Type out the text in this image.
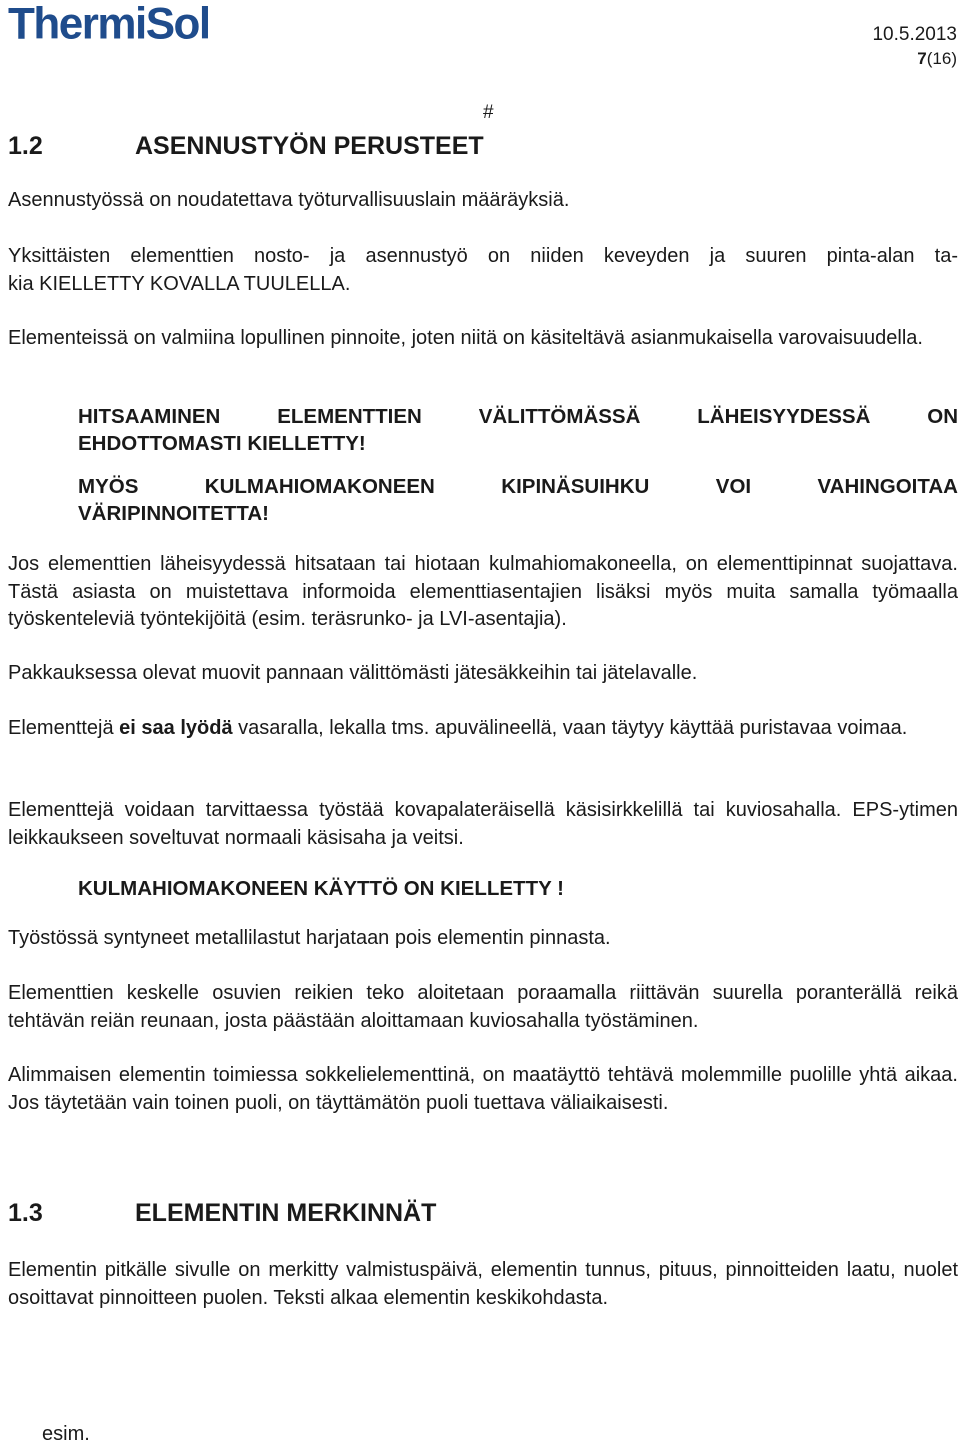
ThermiSol	10.5.2013
7(16)
#
1.2	ASENNUSTYÖN PERUSTEET
Asennustyössä on noudatettava työturvallisuuslain määräyksiä.
Yksittäisten elementtien nosto- ja asennustyö on niiden keveyden ja suuren pinta-alan ta-
kia KIELLETTY KOVALLA TUULELLA.
Elementeissä on valmiina lopullinen pinnoite, joten niitä on käsiteltävä asianmukaisella varovaisuudella.
HITSAAMINEN ELEMENTTIEN VÄLITTÖMÄSSÄ LÄHEISYYDESSÄ ON
EHDOTTOMASTI KIELLETTY!
MYÖS KULMAHIOMAKONEEN KIPINÄSUIHKU VOI VAHINGOITAA
VÄRIPINNOITETTA!
Jos elementtien läheisyydessä hitsataan tai hiotaan kulmahiomakoneella, on elementtipinnat suojattava. Tästä asiasta on muistettava informoida elementtiasentajien lisäksi myös muita samalla työmaalla työskenteleviä työntekijöitä (esim. teräsrunko- ja LVI-asentajia).
Pakkauksessa olevat muovit pannaan välittömästi jätesäkkeihin tai jätelavalle.
Elementtejä ei saa lyödä vasaralla, lekalla tms. apuvälineellä, vaan täytyy käyttää puristavaa voimaa.
Elementtejä voidaan tarvittaessa työstää kovapalateräisellä käsisirkkelillä tai kuviosahalla. EPS-ytimen leikkaukseen soveltuvat normaali käsisaha ja veitsi.
KULMAHIOMAKONEEN KÄYTTÖ ON KIELLETTY !
Työstössä syntyneet metallilastut harjataan pois elementin pinnasta.
Elementtien keskelle osuvien reikien teko aloitetaan poraamalla riittävän suurella poranterällä reikä tehtävän reiän reunaan, josta päästään aloittamaan kuviosahalla työstäminen.
Alimmaisen elementin toimiessa sokkelielementtinä, on maatäyttö tehtävä molemmille puolille yhtä aikaa. Jos täytetään vain toinen puoli, on täyttämätön puoli tuettava väliaikaisesti.
1.3	ELEMENTIN MERKINNÄT
Elementin pitkälle sivulle on merkitty valmistuspäivä, elementin tunnus, pituus, pinnoitteiden laatu, nuolet osoittavat pinnoitteen puolen. Teksti alkaa elementin keskikohdasta.
esim.
